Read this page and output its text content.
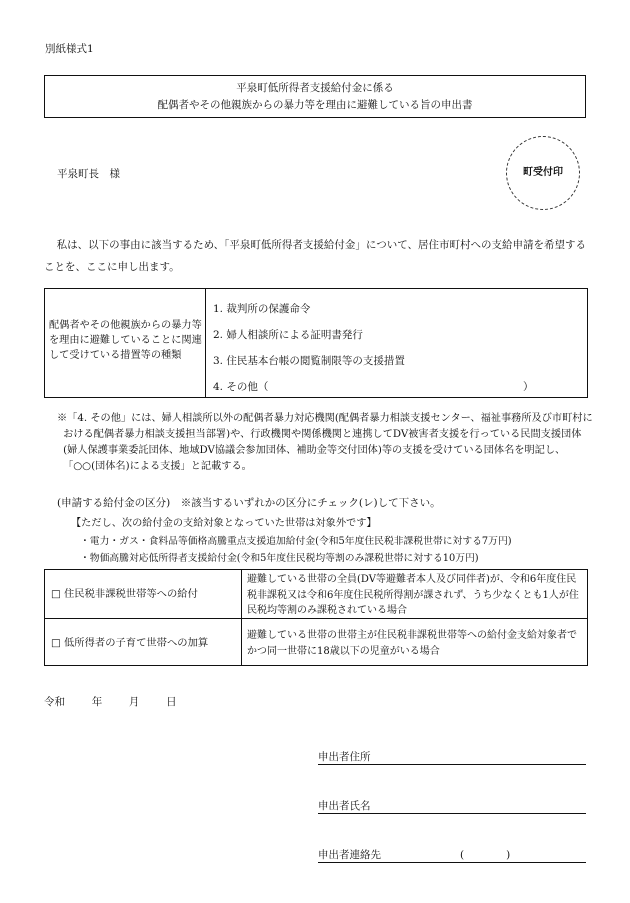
別紙様式1
平泉町低所得者支援給付金に係る
配偶者やその他親族からの暴力等を理由に避難している旨の申出書
平泉町長　様	町受付印
私は、以下の事由に該当するため、「平泉町低所得者支援給付金」について、居住市町村への支給申請を希望することを、ここに申し出ます。
配偶者やその他親族からの暴力等を理由に避難していることに関連して受けている措置等の種類
1. 裁判所の保護命令
2. 婦人相談所による証明書発行
3. 住民基本台帳の閲覧制限等の支援措置
4. その他（	）
※「4. その他」には、婦人相談所以外の配偶者暴力対応機関(配偶者暴力相談支援センター、福祉事務所及び市町村における配偶者暴力相談支援担当部署)や、行政機関や関係機関と連携してDV被害者支援を行っている民間支援団体(婦人保護事業委託団体、地域DV協議会参加団体、補助金等交付団体)等の支援を受けている団体名を明記し、「○○(団体名)による支援」と記載する。
(申請する給付金の区分)　※該当するいずれかの区分にチェック(レ)して下さい。
【ただし、次の給付金の支給対象となっていた世帯は対象外です】
・電力・ガス・食料品等価格高騰重点支援追加給付金(令和5年度住民税非課税世帯に対する7万円)
・物価高騰対応低所得者支援給付金(令和5年度住民税均等割のみ課税世帯に対する10万円)
□ 住民税非課税世帯等への給付
避難している世帯の全員(DV等避難者本人及び同伴者)が、令和6年度住民税非課税又は令和6年度住民税所得割が課されず、うち少なくとも1人が住民税均等割のみ課税されている場合
□ 低所得者の子育て世帯への加算
避難している世帯の世帯主が住民税非課税世帯等への給付金支給対象者でかつ同一世帯に18歳以下の児童がいる場合
令和	年	月	日
申出者住所
申出者氏名
申出者連絡先	(　　　　)
